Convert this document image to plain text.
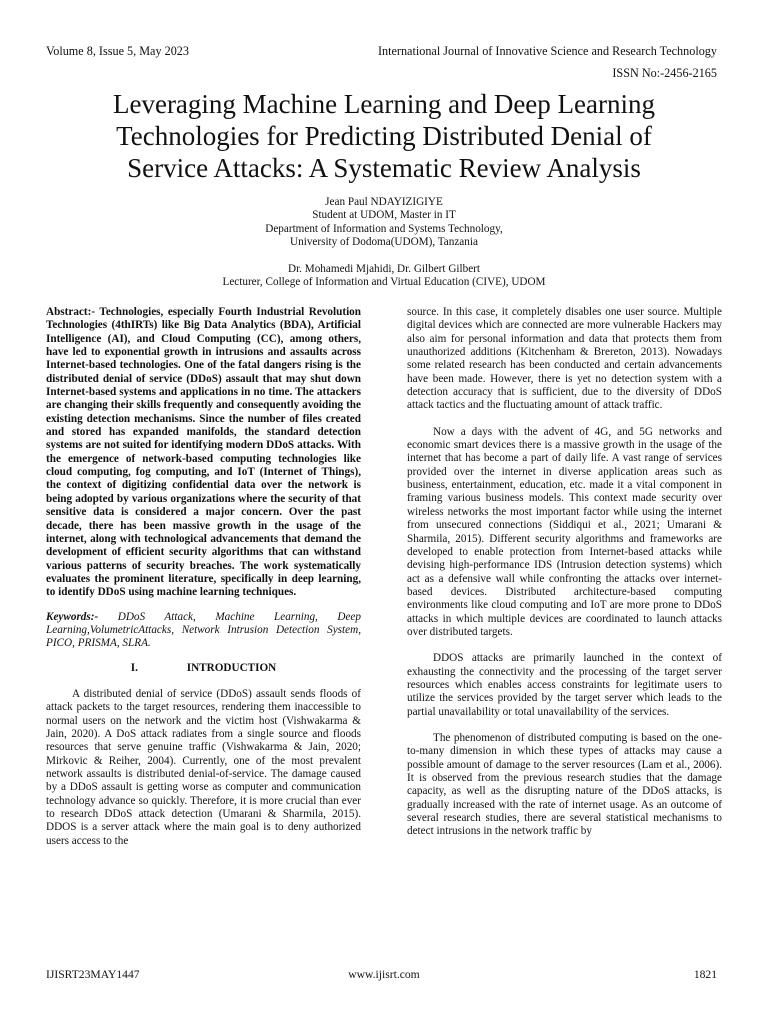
Volume 8, Issue 5, May 2023	International Journal of Innovative Science and Research Technology
ISSN No:-2456-2165
Leveraging Machine Learning and Deep Learning
Technologies for Predicting Distributed Denial of
Service Attacks: A Systematic Review Analysis
Jean Paul NDAYIZIGIYE
Student at UDOM, Master in IT
Department of Information and Systems Technology,
University of Dodoma(UDOM), Tanzania
Dr. Mohamedi Mjahidi, Dr. Gilbert Gilbert
Lecturer, College of Information and Virtual Education (CIVE), UDOM

Abstract:- Technologies, especially Fourth Industrial Revolution Technologies (4thIRTs) like Big Data Analytics (BDA), Artificial Intelligence (AI), and Cloud Computing (CC), among others, have led to exponential growth in intrusions and assaults across Internet-based technologies. One of the fatal dangers rising is the distributed denial of service (DDoS) assault that may shut down Internet-based systems and applications in no time. The attackers are changing their skills frequently and consequently avoiding the existing detection mechanisms. Since the number of files created and stored has expanded manifolds, the standard detection systems are not suited for identifying modern DDoS attacks. With the emergence of network-based computing technologies like cloud computing, fog computing, and IoT (Internet of Things), the context of digitizing confidential data over the network is being adopted by various organizations where the security of that sensitive data is considered a major concern. Over the past decade, there has been massive growth in the usage of the internet, along with technological advancements that demand the development of efficient security algorithms that can withstand various patterns of security breaches. The work systematically evaluates the prominent literature, specifically in deep learning, to identify DDoS using machine learning techniques.

Keywords:- DDoS Attack, Machine Learning, Deep Learning,VolumetricAttacks, Network Intrusion Detection System, PICO, PRISMA, SLRA.

I.	INTRODUCTION

A distributed denial of service (DDoS) assault sends floods of attack packets to the target resources, rendering them inaccessible to normal users on the network and the victim host (Vishwakarma & Jain, 2020). A DoS attack radiates from a single source and floods resources that serve genuine traffic (Vishwakarma & Jain, 2020; Mirkovic & Reiher, 2004). Currently, one of the most prevalent network assaults is distributed denial-of-service. The damage caused by a DDoS assault is getting worse as computer and communication technology advance so quickly. Therefore, it is more crucial than ever to research DDoS attack detection (Umarani & Sharmila, 2015). DDOS is a server attack where the main goal is to deny authorized users access to the

source. In this case, it completely disables one user source. Multiple digital devices which are connected are more vulnerable Hackers may also aim for personal information and data that protects them from unauthorized additions (Kitchenham & Brereton, 2013). Nowadays some related research has been conducted and certain advancements have been made. However, there is yet no detection system with a detection accuracy that is sufficient, due to the diversity of DDoS attack tactics and the fluctuating amount of attack traffic.

Now a days with the advent of 4G, and 5G networks and economic smart devices there is a massive growth in the usage of the internet that has become a part of daily life. A vast range of services provided over the internet in diverse application areas such as business, entertainment, education, etc. made it a vital component in framing various business models. This context made security over wireless networks the most important factor while using the internet from unsecured connections (Siddiqui et al., 2021; Umarani & Sharmila, 2015). Different security algorithms and frameworks are developed to enable protection from Internet-based attacks while devising high-performance IDS (Intrusion detection systems) which act as a defensive wall while confronting the attacks over internet-based devices. Distributed architecture-based computing environments like cloud computing and IoT are more prone to DDoS attacks in which multiple devices are coordinated to launch attacks over distributed targets.

DDOS attacks are primarily launched in the context of exhausting the connectivity and the processing of the target server resources which enables access constraints for legitimate users to utilize the services provided by the target server which leads to the partial unavailability or total unavailability of the services.

The phenomenon of distributed computing is based on the one-to-many dimension in which these types of attacks may cause a possible amount of damage to the server resources (Lam et al., 2006). It is observed from the previous research studies that the damage capacity, as well as the disrupting nature of the DDoS attacks, is gradually increased with the rate of internet usage. As an outcome of several research studies, there are several statistical mechanisms to detect intrusions in the network traffic by

IJISRT23MAY1447	www.ijisrt.com	1821
